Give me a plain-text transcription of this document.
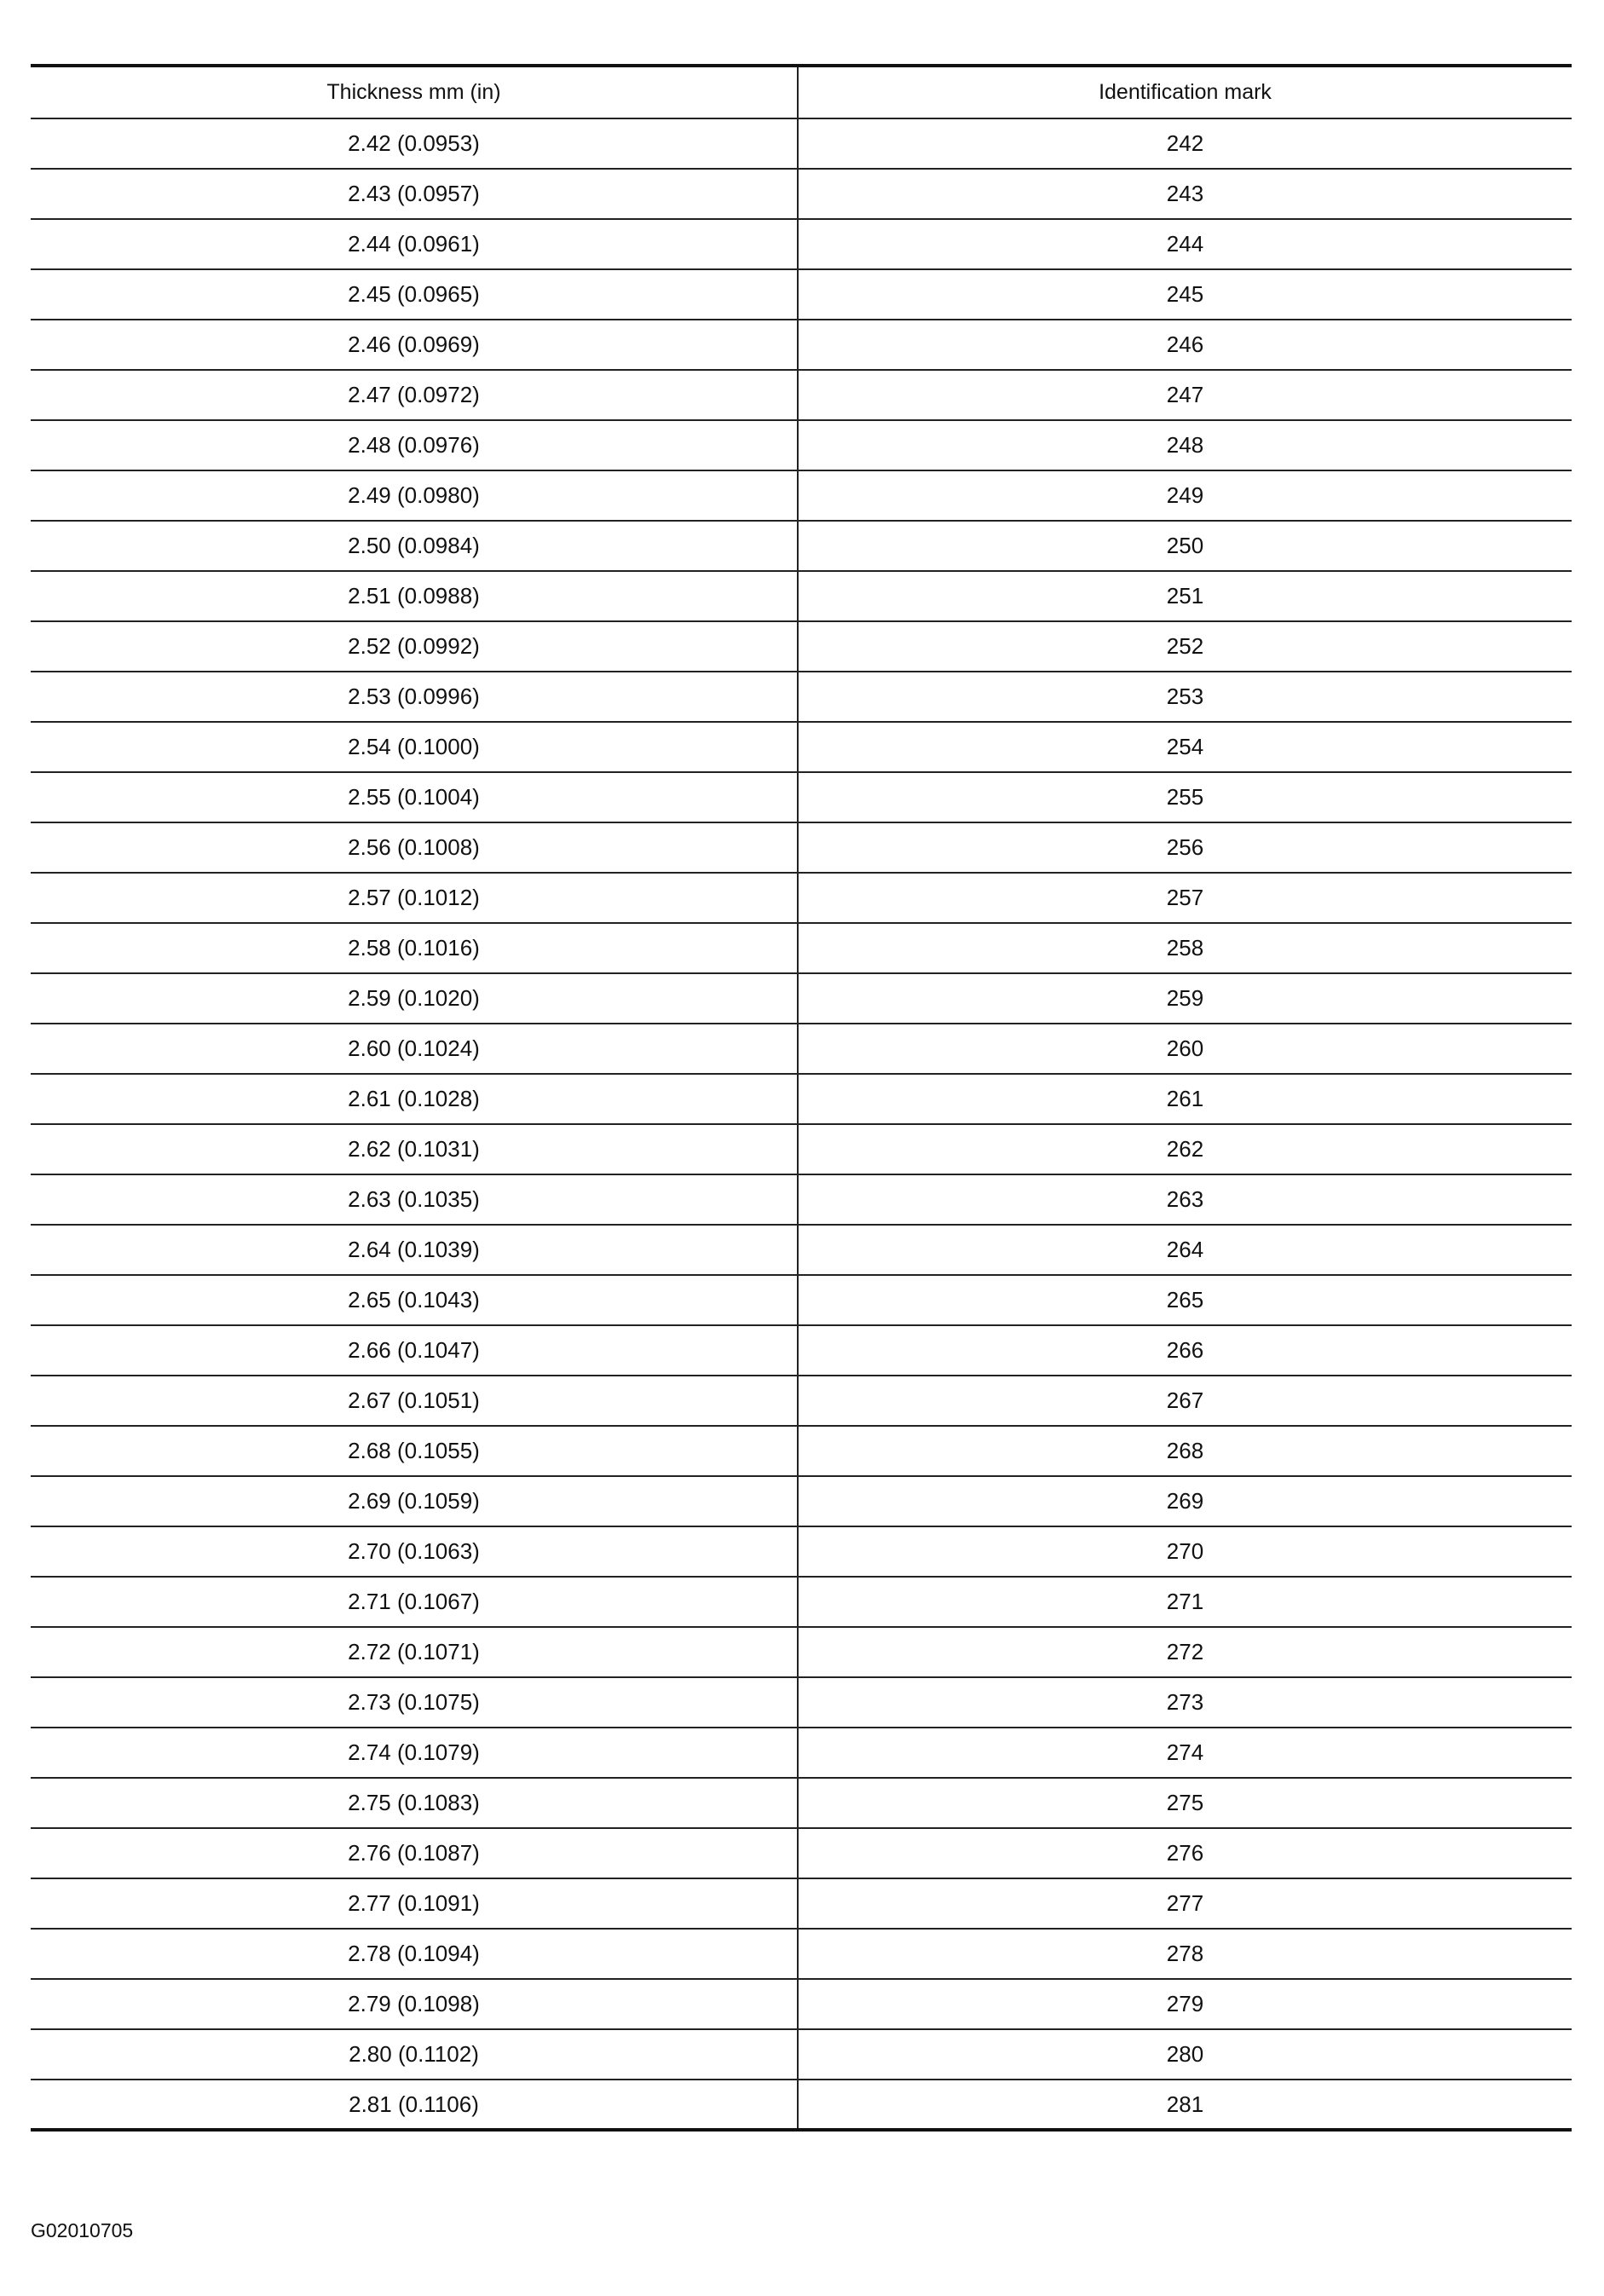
Thickness mm (in)	Identification mark
2.42 (0.0953)	242
2.43 (0.0957)	243
2.44 (0.0961)	244
2.45 (0.0965)	245
2.46 (0.0969)	246
2.47 (0.0972)	247
2.48 (0.0976)	248
2.49 (0.0980)	249
2.50 (0.0984)	250
2.51 (0.0988)	251
2.52 (0.0992)	252
2.53 (0.0996)	253
2.54 (0.1000)	254
2.55 (0.1004)	255
2.56 (0.1008)	256
2.57 (0.1012)	257
2.58 (0.1016)	258
2.59 (0.1020)	259
2.60 (0.1024)	260
2.61 (0.1028)	261
2.62 (0.1031)	262
2.63 (0.1035)	263
2.64 (0.1039)	264
2.65 (0.1043)	265
2.66 (0.1047)	266
2.67 (0.1051)	267
2.68 (0.1055)	268
2.69 (0.1059)	269
2.70 (0.1063)	270
2.71 (0.1067)	271
2.72 (0.1071)	272
2.73 (0.1075)	273
2.74 (0.1079)	274
2.75 (0.1083)	275
2.76 (0.1087)	276
2.77 (0.1091)	277
2.78 (0.1094)	278
2.79 (0.1098)	279
2.80 (0.1102)	280
2.81 (0.1106)	281
G02010705
